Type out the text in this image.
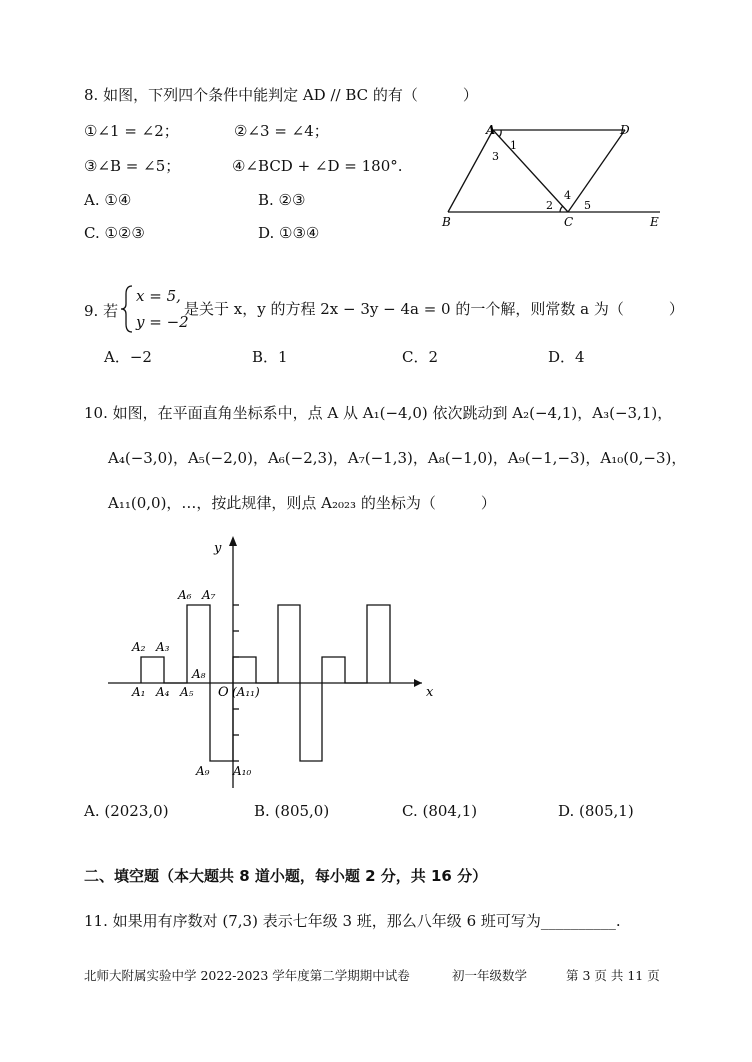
8. 如图，下列四个条件中能判定 AD // BC 的有（　　　）
①∠1 = ∠2；	②∠3 = ∠4；
③∠B = ∠5；	④∠BCD + ∠D = 180°.
A. ①④	B. ②③
C. ①②③	D. ①③④
A	D
B	C	E
1
3
4
2	5
9. 若
x = 5,
y = −2
是关于 x，y 的方程 2x − 3y − 4a = 0 的一个解，则常数 a 为（　　　）
A．−2	B．1	C．2	D．4
10. 如图，在平面直角坐标系中，点 A 从 A₁(−4,0) 依次跳动到 A₂(−4,1)，A₃(−3,1)，
A₄(−3,0)，A₅(−2,0)，A₆(−2,3)，A₇(−1,3)，A₈(−1,0)，A₉(−1,−3)，A₁₀(0,−3)，
A₁₁(0,0)，…，按此规律，则点 A₂₀₂₃ 的坐标为（　　　）
y
x
O (A₁₁)
A₁
A₂ A₃
A₄ A₅
A₆ A₇
A₈
A₉ A₁₀
A. (2023,0)	B. (805,0)	C. (804,1)	D. (805,1)
二、填空题（本大题共 8 道小题，每小题 2 分，共 16 分）
11. 如果用有序数对 (7,3) 表示七年级 3 班，那么八年级 6 班可写为__________.
北师大附属实验中学 2022-2023 学年度第二学期期中试卷	初一年级数学	第 3 页 共 11 页
